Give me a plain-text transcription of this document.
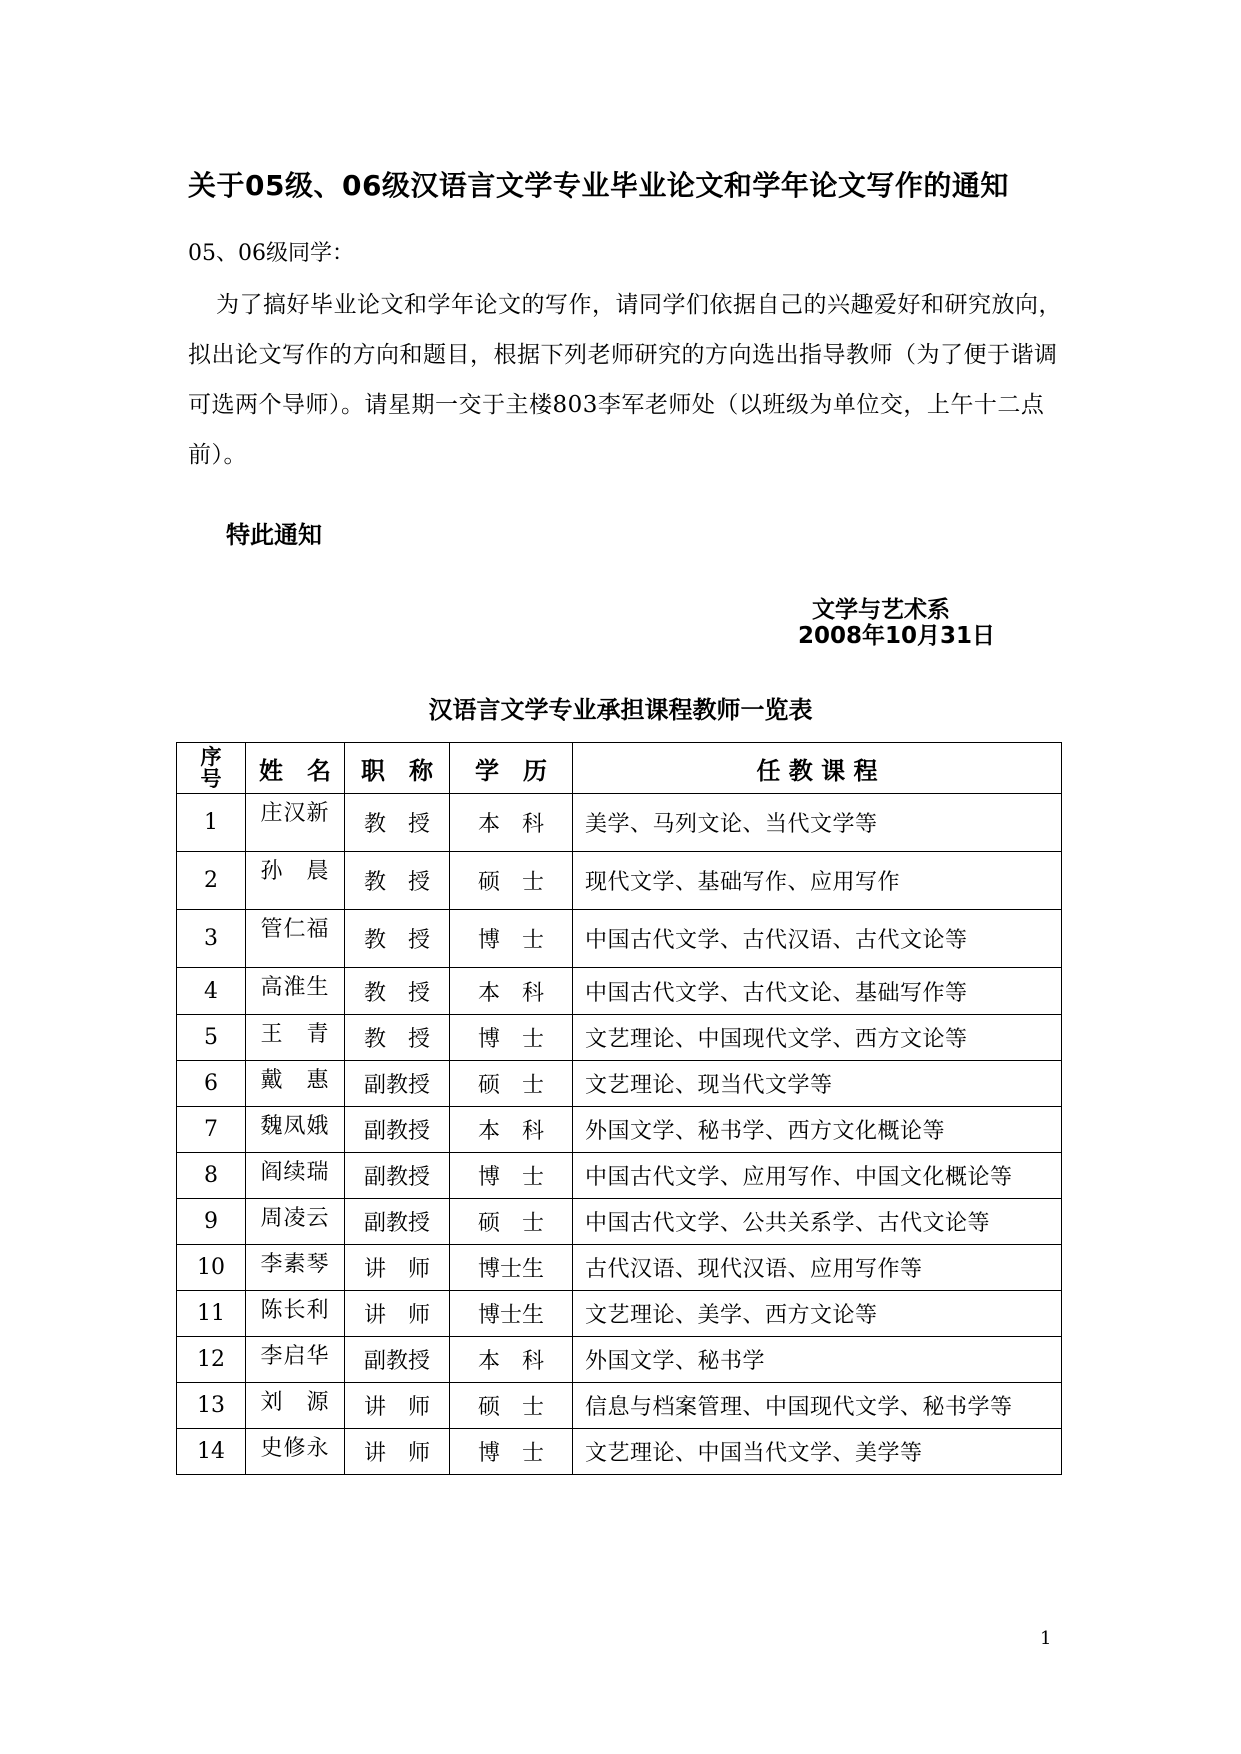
关于05级、06级汉语言文学专业毕业论文和学年论文写作的通知
05、06级同学：
为了搞好毕业论文和学年论文的写作，请同学们依据自己的兴趣爱好和研究放向，拟出论文写作的方向和题目，根据下列老师研究的方向选出指导教师（为了便于谐调可选两个导师）。请星期一交于主楼803李军老师处（以班级为单位交，上午十二点前）。
特此通知
文学与艺术系
2008年10月31日
汉语言文学专业承担课程教师一览表
序
号	姓　名	职　称	学　历	任 教 课 程
1	庄汉新	教　授	本　科	美学、马列文论、当代文学等
2	孙　晨	教　授	硕　士	现代文学、基础写作、应用写作
3	管仁福	教　授	博　士	中国古代文学、古代汉语、古代文论等
4	高淮生	教　授	本　科	中国古代文学、古代文论、基础写作等
5	王　青	教　授	博　士	文艺理论、中国现代文学、西方文论等
6	戴　惠	副教授	硕　士	文艺理论、现当代文学等
7	魏凤娥	副教授	本　科	外国文学、秘书学、西方文化概论等
8	阎续瑞	副教授	博　士	中国古代文学、应用写作、中国文化概论等
9	周凌云	副教授	硕　士	中国古代文学、公共关系学、古代文论等
10	李素琴	讲　师	博士生	古代汉语、现代汉语、应用写作等
11	陈长利	讲　师	博士生	文艺理论、美学、西方文论等
12	李启华	副教授	本　科	外国文学、秘书学
13	刘　源	讲　师	硕　士	信息与档案管理、中国现代文学、秘书学等
14	史修永	讲　师	博　士	文艺理论、中国当代文学、美学等
1
